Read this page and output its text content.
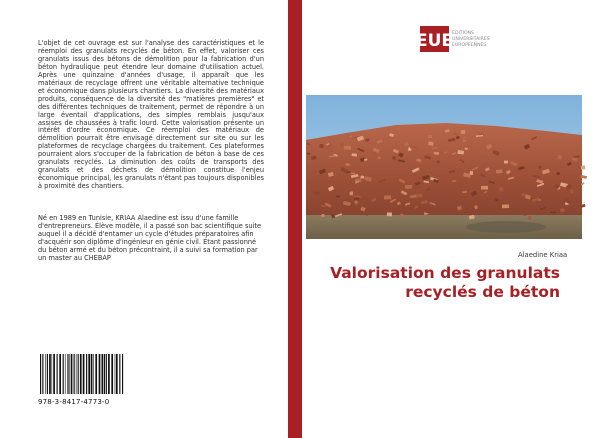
L'objet de cet ouvrage est sur l'analyse des caractéristiques et le réemploi des granulats recyclés de béton. En effet, valoriser ces granulats issus des bétons de démolition pour la fabrication d'un béton hydraulique peut étendre leur domaine d'utilisation actuel. Après une quinzaine d'années d'usage, il apparaît que les matériaux de recyclage offrent une véritable alternative technique et économique dans plusieurs chantiers. La diversité des matériaux produits, conséquence de la diversité des "matières premières" et des différentes techniques de traitement, permet de répondre à un large éventail d'applications, des simples remblais jusqu'aux assises de chaussées à trafic lourd. Cette valorisation présente un intérêt d'ordre économique. Ce réemploi des matériaux de démolition pourrait être envisagé directement sur site ou sur les plateformes de recyclage chargées du traitement. Ces plateformes pourraient alors s'occuper de la fabrication de béton à base de ces granulats recyclés. La diminution des coûts de transports des granulats et des déchets de démolition constitue l'enjeu économique principal, les granulats n'étant pas toujours disponibles à proximité des chantiers.

Né en 1989 en Tunisie, KRIAA Alaedine est issu d'une famille d'entrepreneurs. Élève modèle, il a passé son bac scientifique suite auquel il a décidé d'entamer un cycle d'études préparatoires afin d'acquérir son diplôme d'ingénieur en génie civil. Étant passionné du béton armé et du béton précontraint, il a suivi sa formation par un master au CHEBAP

978-3-8417-4773-0
EUE
EDITIONS
UNIVERSITAIRES
EUROPEENNES
Alaedine Kriaa
Valorisation des granulats
recyclés de béton
